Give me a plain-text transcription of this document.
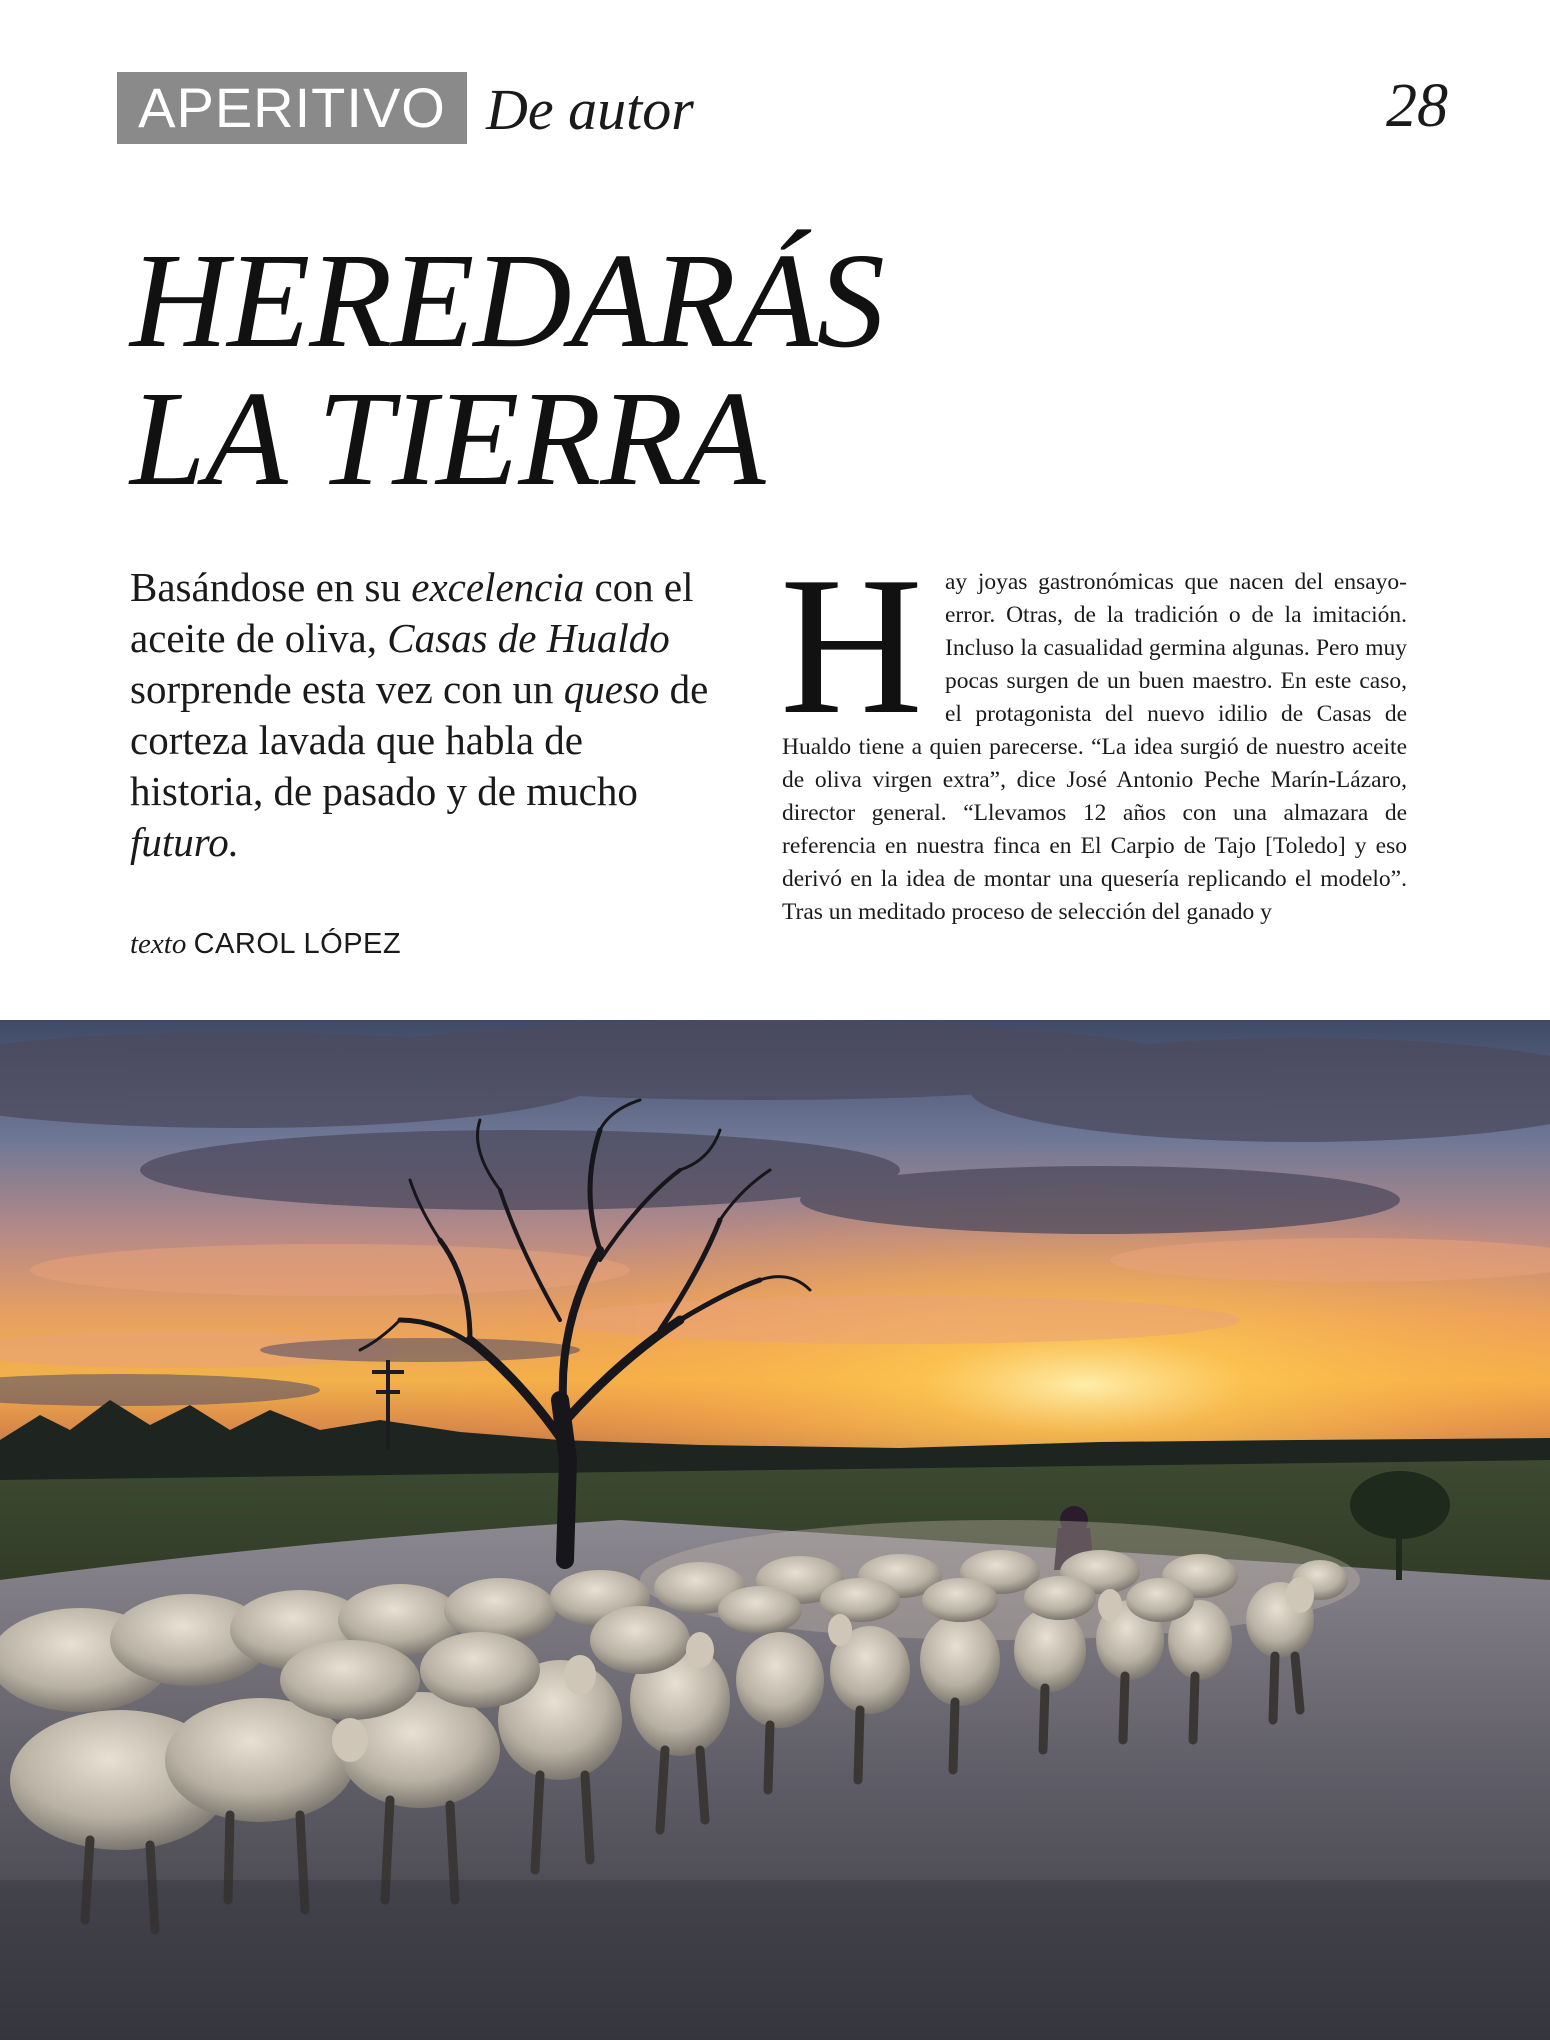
APERITIVO De autor	28
HEREDARÁS
LA TIERRA
Basándose en su excelencia con el aceite de oliva, Casas de Hualdo sorprende esta vez con un queso de corteza lavada que habla de historia, de pasado y de mucho futuro.
texto CAROL LÓPEZ
H ay joyas gastronómicas que nacen del ensayo-error. Otras, de la tradición o de la imitación. Incluso la casualidad germina algunas. Pero muy pocas surgen de un buen maestro. En este caso, el protagonista del nuevo idilio de Casas de Hualdo tiene a quien parecerse. “La idea surgió de nuestro aceite de oliva virgen extra”, dice José Antonio Peche Marín-Lázaro, director general. “Llevamos 12 años con una almazara de referencia en nuestra finca en El Carpio de Tajo [Toledo] y eso derivó en la idea de montar una quesería replicando el modelo”. Tras un meditado proceso de selección del ganado y
